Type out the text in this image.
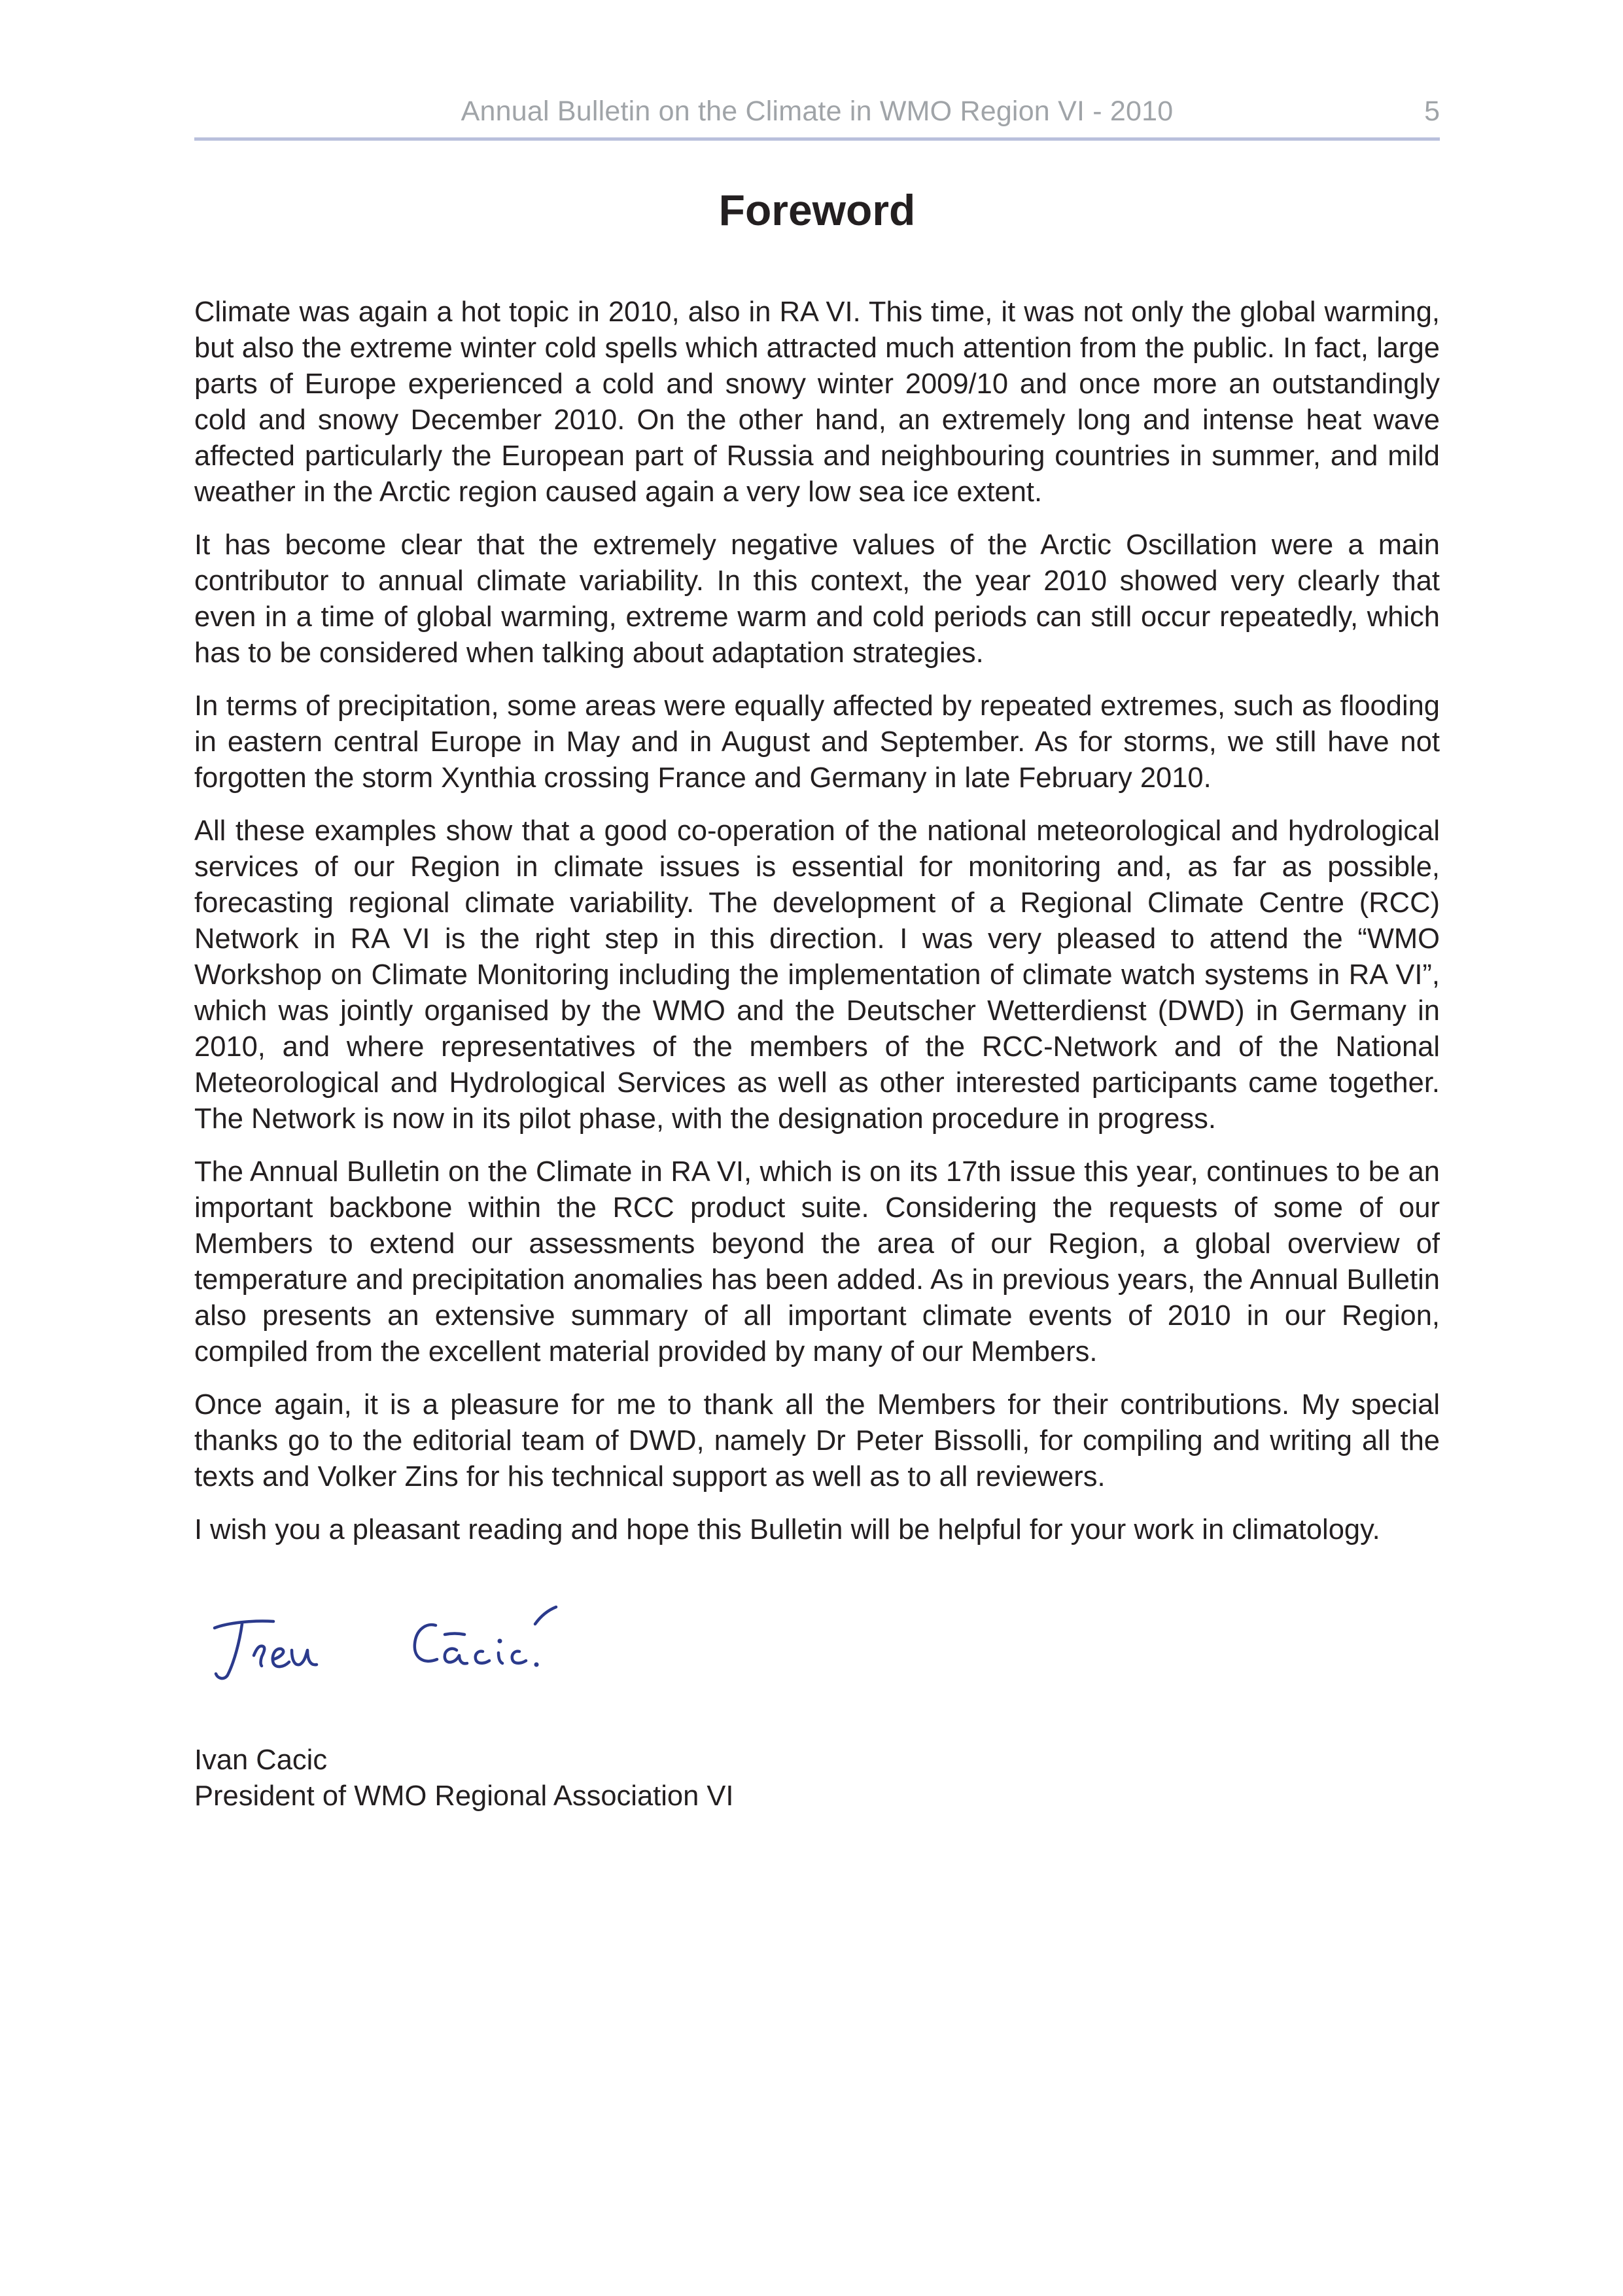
Annual Bulletin on the Climate in WMO Region VI - 2010	5
Foreword

Climate was again a hot topic in 2010, also in RA VI. This time, it was not only the global warming, but also the extreme winter cold spells which attracted much attention from the public. In fact, large parts of Europe experienced a cold and snowy winter 2009/10 and once more an outstandingly cold and snowy December 2010. On the other hand, an extremely long and intense heat wave affected particularly the European part of Russia and neighbouring countries in summer, and mild weather in the Arctic region caused again a very low sea ice extent.

It has become clear that the extremely negative values of the Arctic Oscillation were a main contributor to annual climate variability. In this context, the year 2010 showed very clearly that even in a time of global warming, extreme warm and cold periods can still occur repeatedly, which has to be considered when talking about adaptation strategies.

In terms of precipitation, some areas were equally affected by repeated extremes, such as flooding in eastern central Europe in May and in August and September. As for storms, we still have not forgotten the storm Xynthia crossing France and Germany in late February 2010.

All these examples show that a good co-operation of the national meteorological and hydrological services of our Region in climate issues is essential for monitoring and, as far as possible, forecasting regional climate variability. The development of a Regional Climate Centre (RCC) Network in RA VI is the right step in this direction. I was very pleased to attend the “WMO Workshop on Climate Monitoring including the implementation of climate watch systems in RA VI”, which was jointly organised by the WMO and the Deutscher Wetterdienst (DWD) in Germany in 2010, and where representatives of the members of the RCC-Network and of the National Meteorological and Hydrological Services as well as other interested participants came together. The Network is now in its pilot phase, with the designation procedure in progress.

The Annual Bulletin on the Climate in RA VI, which is on its 17th issue this year, continues to be an important backbone within the RCC product suite. Considering the requests of some of our Members to extend our assessments beyond the area of our Region, a global overview of temperature and precipitation anomalies has been added. As in previous years, the Annual Bulletin also presents an extensive summary of all important climate events of 2010 in our Region, compiled from the excellent material provided by many of our Members.

Once again, it is a pleasure for me to thank all the Members for their contributions. My special thanks go to the editorial team of DWD, namely Dr Peter Bissolli, for compiling and writing all the texts and Volker Zins for his technical support as well as to all reviewers.

I wish you a pleasant reading and hope this Bulletin will be helpful for your work in climatology.

Ivan Cacic
President of WMO Regional Association VI
